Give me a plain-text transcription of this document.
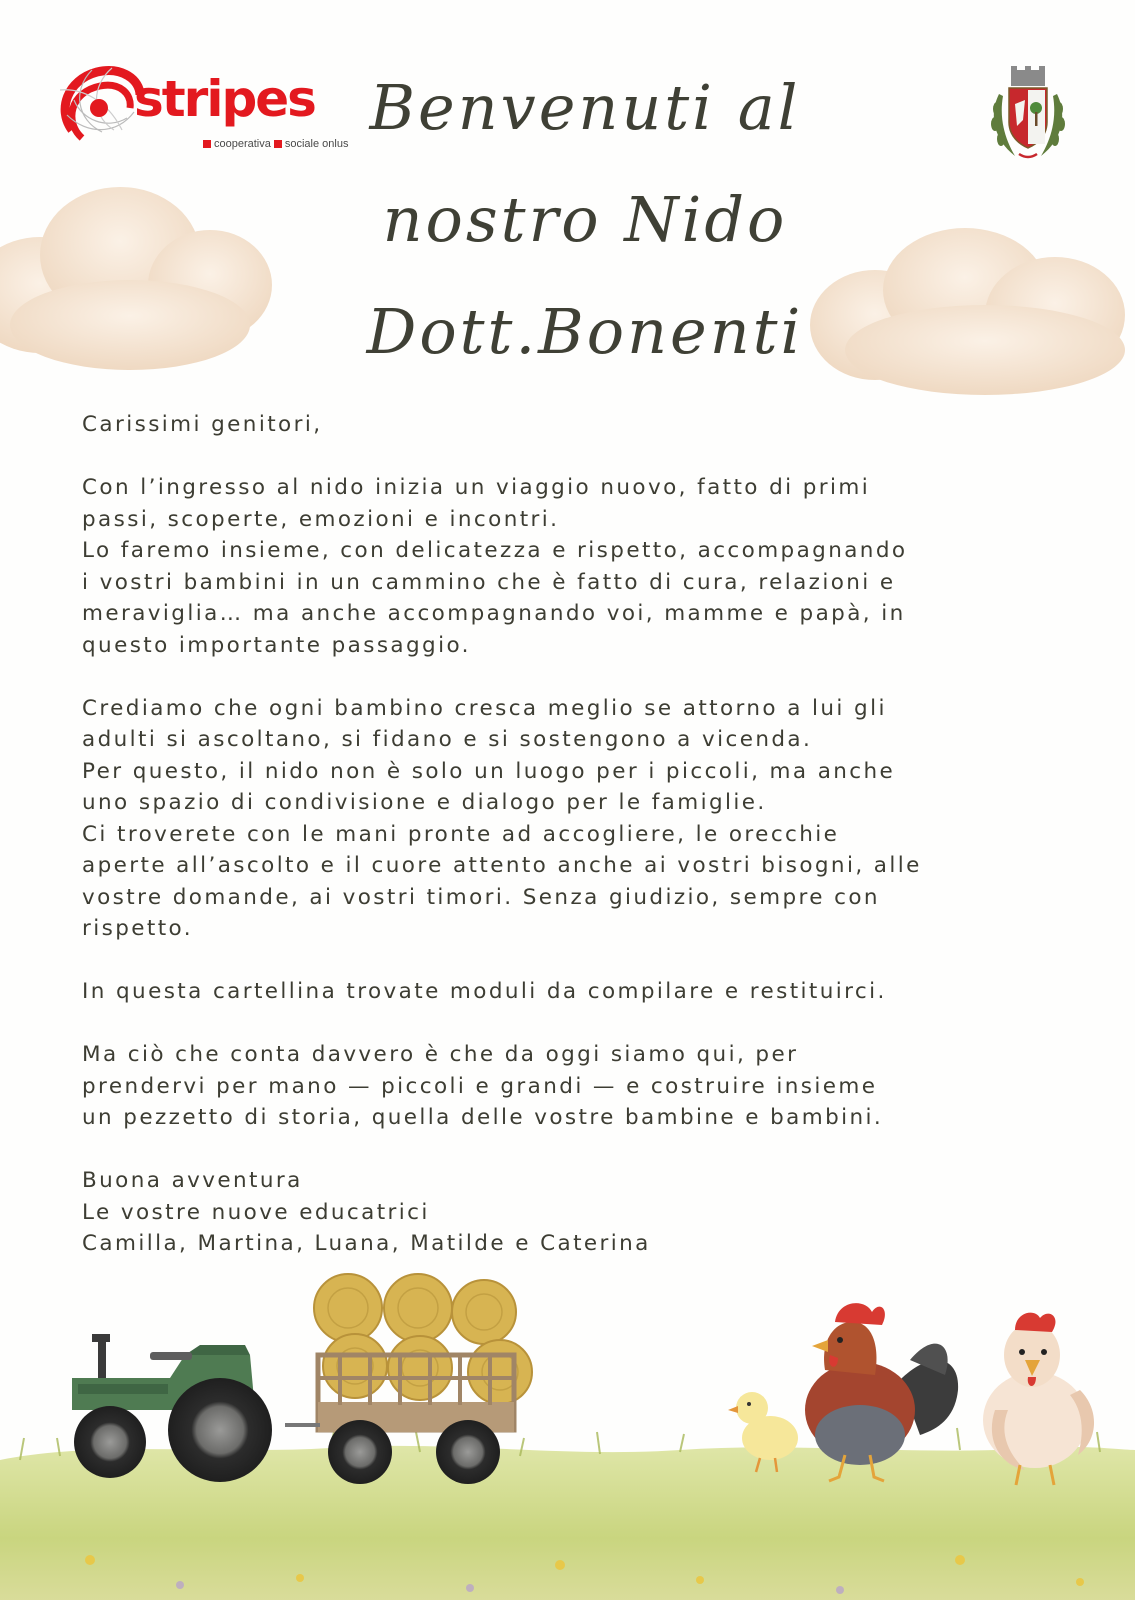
stripes
cooperativa sociale onlus Benvenuti al
nostro Nido
Dott.Bonenti

Carissimi genitori,

Con l’ingresso al nido inizia un viaggio nuovo, fatto di primi

passi, scoperte, emozioni e incontri.

Lo faremo insieme, con delicatezza e rispetto, accompagnando

i vostri bambini in un cammino che è fatto di cura, relazioni e

meraviglia… ma anche accompagnando voi, mamme e papà, in

questo importante passaggio.

Crediamo che ogni bambino cresca meglio se attorno a lui gli

adulti si ascoltano, si fidano e si sostengono a vicenda.

Per questo, il nido non è solo un luogo per i piccoli, ma anche

uno spazio di condivisione e dialogo per le famiglie.

Ci troverete con le mani pronte ad accogliere, le orecchie

aperte all’ascolto e il cuore attento anche ai vostri bisogni, alle

vostre domande, ai vostri timori. Senza giudizio, sempre con

rispetto.

In questa cartellina trovate moduli da compilare e restituirci.

Ma ciò che conta davvero è che da oggi siamo qui, per

prendervi per mano — piccoli e grandi — e costruire insieme

un pezzetto di storia, quella delle vostre bambine e bambini.

Buona avventura

Le vostre nuove educatrici

Camilla, Martina, Luana, Matilde e Caterina
